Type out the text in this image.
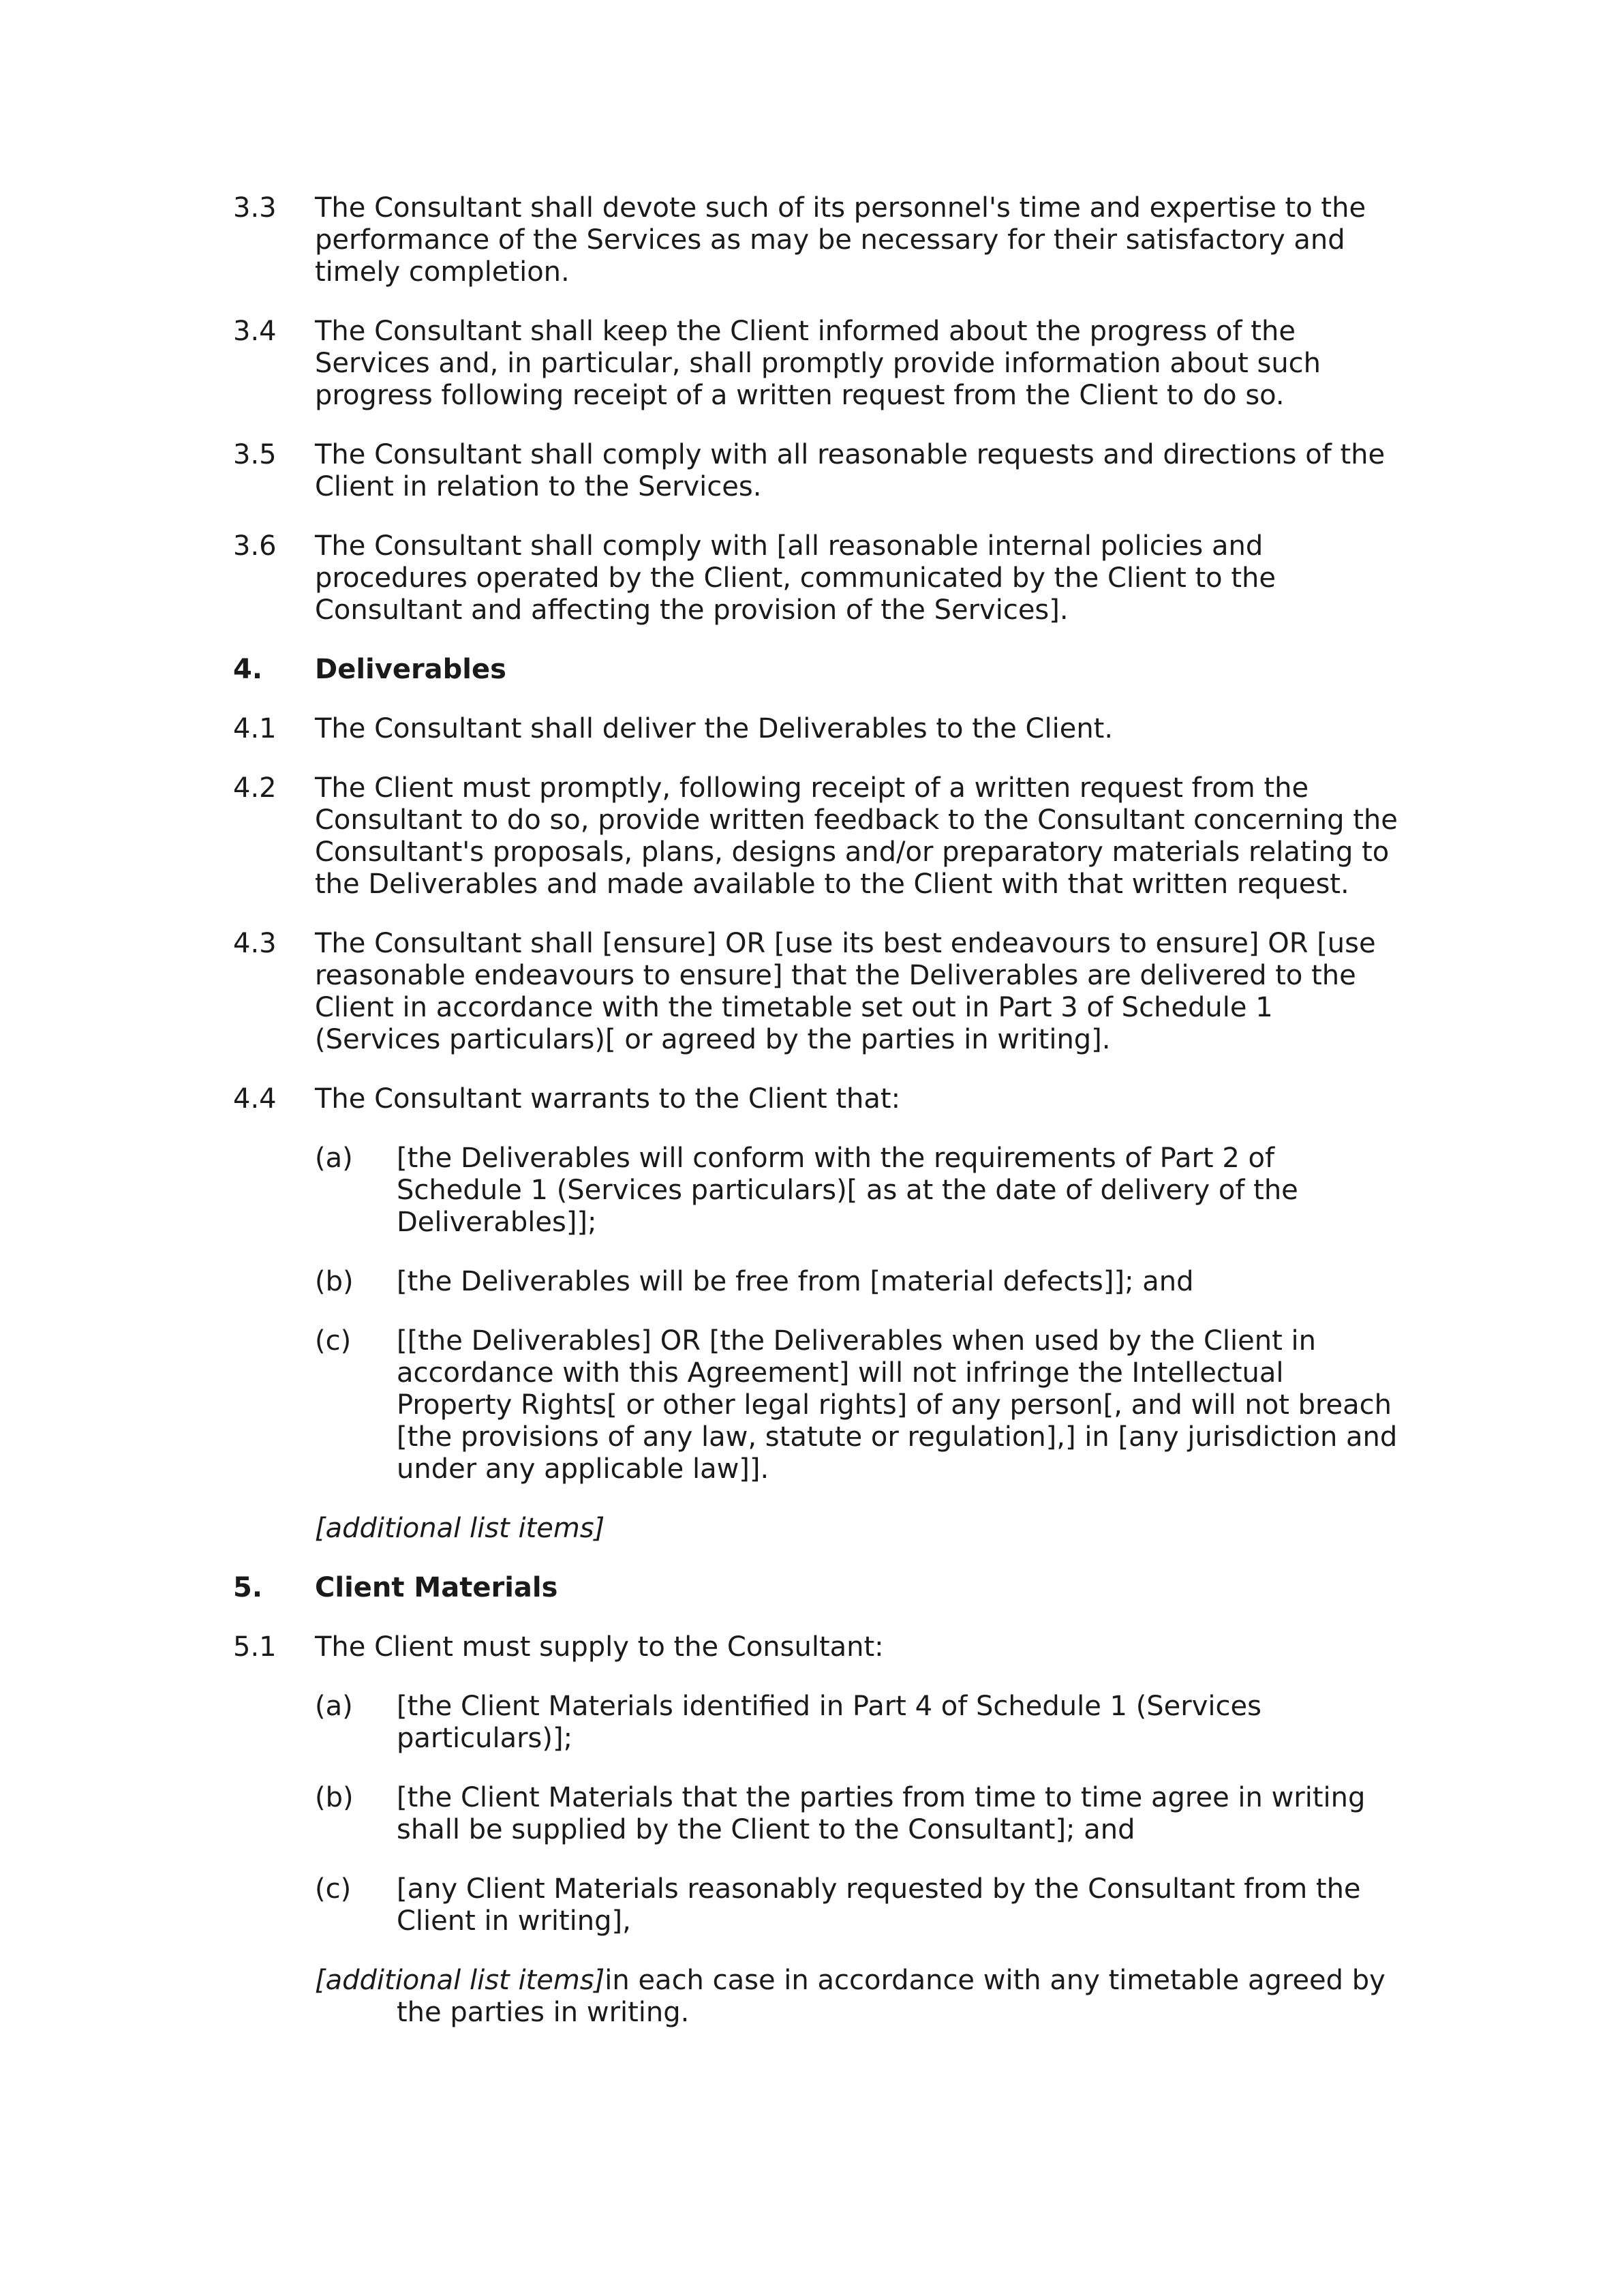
3.3	The Consultant shall devote such of its personnel's time and expertise to the performance of the Services as may be necessary for their satisfactory and timely completion.
3.4	The Consultant shall keep the Client informed about the progress of the Services and, in particular, shall promptly provide information about such progress following receipt of a written request from the Client to do so.
3.5	The Consultant shall comply with all reasonable requests and directions of the Client in relation to the Services.
3.6	The Consultant shall comply with [all reasonable internal policies and procedures operated by the Client, communicated by the Client to the Consultant and affecting the provision of the Services].
4.	Deliverables
4.1	The Consultant shall deliver the Deliverables to the Client.
4.2	The Client must promptly, following receipt of a written request from the Consultant to do so, provide written feedback to the Consultant concerning the Consultant's proposals, plans, designs and/or preparatory materials relating to the Deliverables and made available to the Client with that written request.
4.3	The Consultant shall [ensure] OR [use its best endeavours to ensure] OR [use reasonable endeavours to ensure] that the Deliverables are delivered to the Client in accordance with the timetable set out in Part 3 of Schedule 1 (Services particulars)[ or agreed by the parties in writing].
4.4	The Consultant warrants to the Client that:
(a)	[the Deliverables will conform with the requirements of Part 2 of Schedule 1 (Services particulars)[ as at the date of delivery of the Deliverables]];
(b)	[the Deliverables will be free from [material defects]]; and
(c)	[[the Deliverables] OR [the Deliverables when used by the Client in accordance with this Agreement] will not infringe the Intellectual Property Rights[ or other legal rights] of any person[, and will not breach [the provisions of any law, statute or regulation],] in [any jurisdiction and under any applicable law]].
[additional list items]
5.	Client Materials
5.1	The Client must supply to the Consultant:
(a)	[the Client Materials identified in Part 4 of Schedule 1 (Services particulars)];
(b)	[the Client Materials that the parties from time to time agree in writing shall be supplied by the Client to the Consultant]; and
(c)	[any Client Materials reasonably requested by the Consultant from the Client in writing],
[additional list items]in each case in accordance with any timetable agreed by the parties in writing.
